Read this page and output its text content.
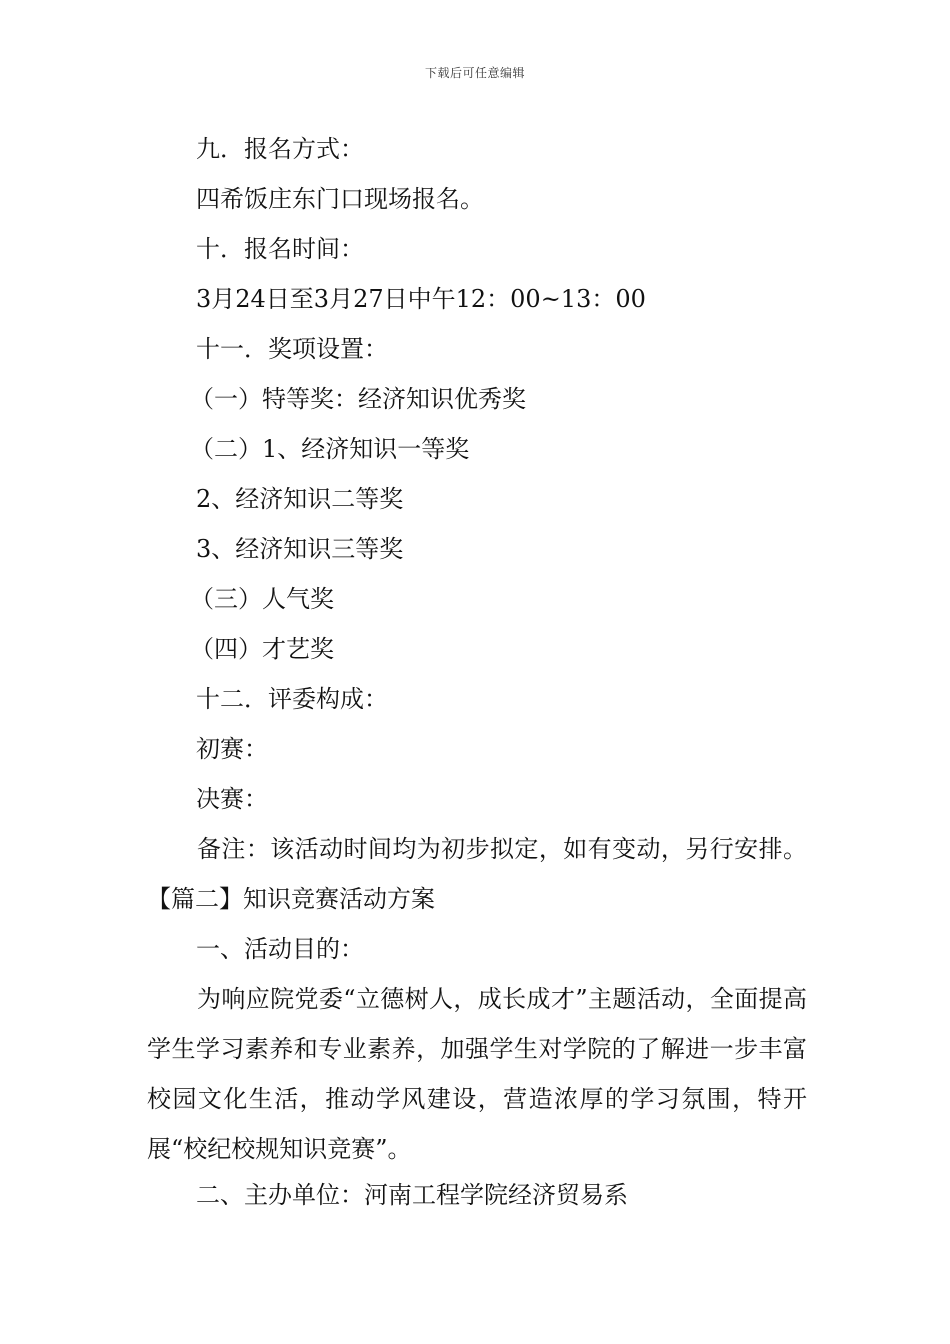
下载后可任意编辑
九．报名方式：
四希饭庄东门口现场报名。
十．报名时间：
3月24日至3月27日中午12：00~13：00
十一．奖项设置：
（一）特等奖：经济知识优秀奖
（二）1、经济知识一等奖
2、经济知识二等奖
3、经济知识三等奖
（三）人气奖
（四）才艺奖
十二．评委构成：
初赛：
决赛：
备注：该活动时间均为初步拟定，如有变动，另行安排。【篇二】知识竞赛活动方案
一、活动目的：
为响应院党委“立德树人，成长成才”主题活动，全面提高学生学习素养和专业素养，加强学生对学院的了解进一步丰富校园文化生活，推动学风建设，营造浓厚的学习氛围，特开展“校纪校规知识竞赛”。
二、主办单位：河南工程学院经济贸易系
